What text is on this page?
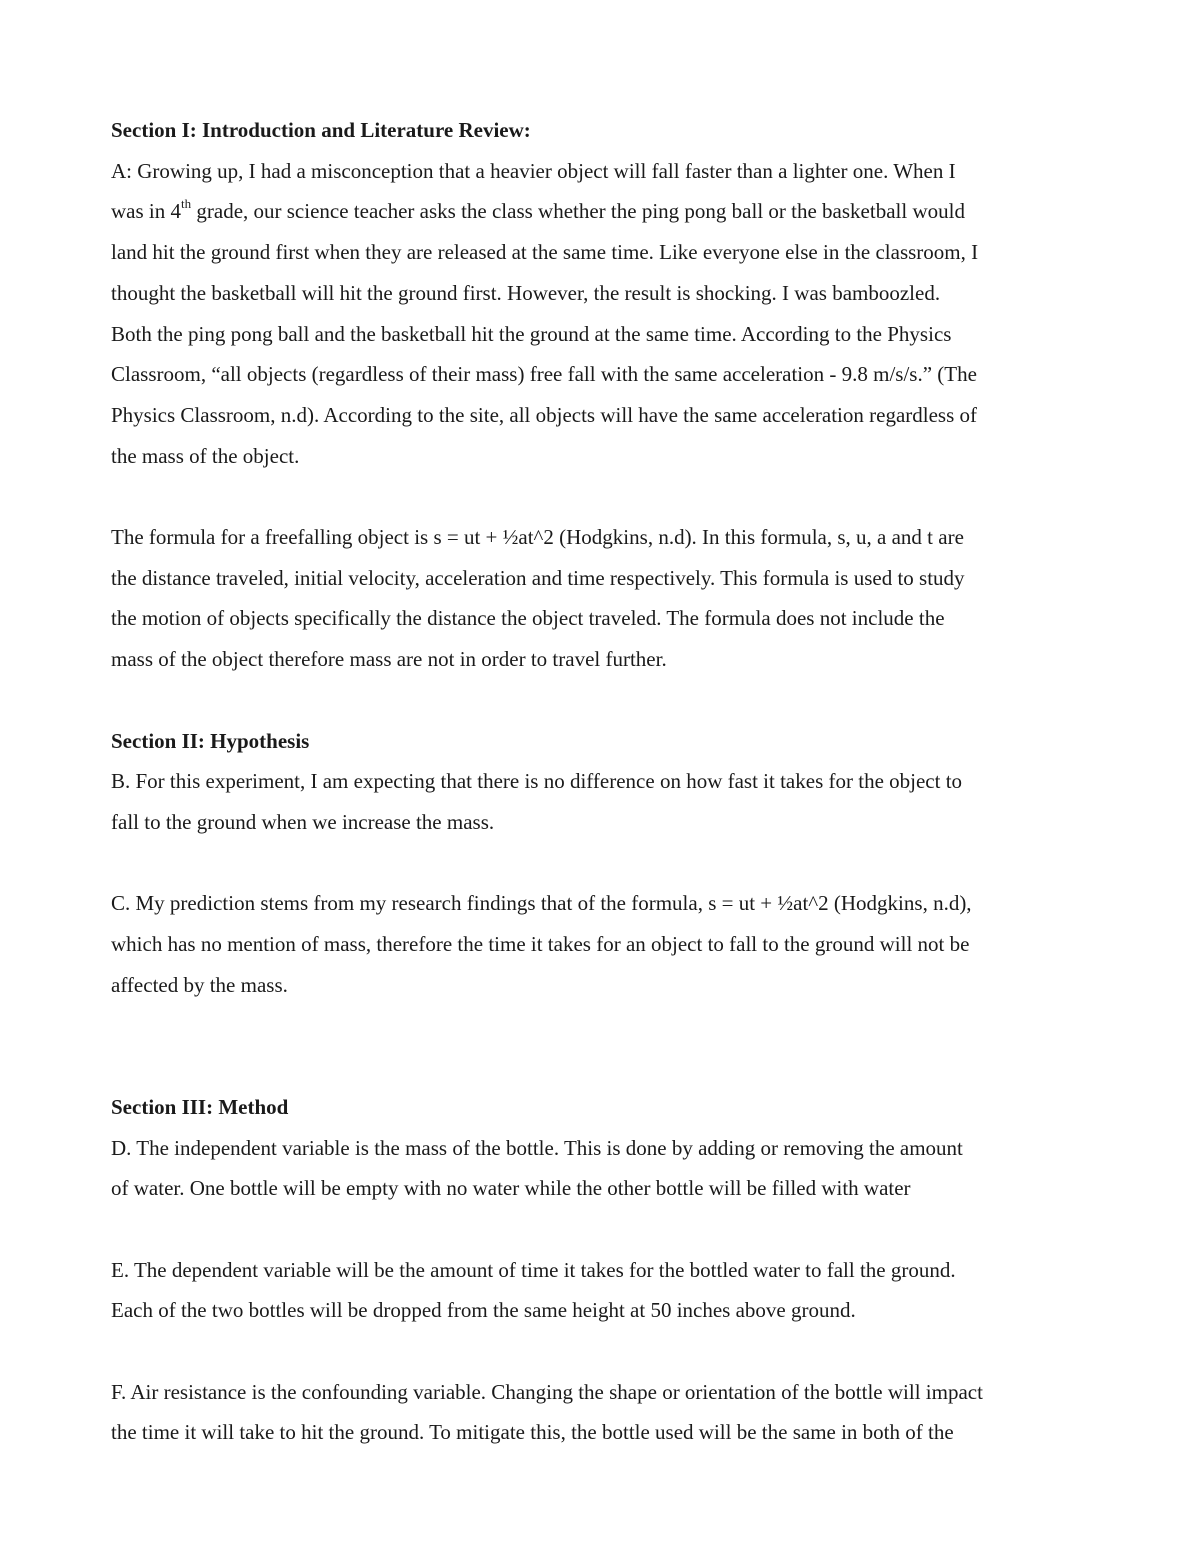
Section I: Introduction and Literature Review:

A: Growing up, I had a misconception that a heavier object will fall faster than a lighter one. When I
was in 4th grade, our science teacher asks the class whether the ping pong ball or the basketball would
land hit the ground first when they are released at the same time. Like everyone else in the classroom, I
thought the basketball will hit the ground first. However, the result is shocking. I was bamboozled.
Both the ping pong ball and the basketball hit the ground at the same time. According to the Physics
Classroom, “all objects (regardless of their mass) free fall with the same acceleration - 9.8 m/s/s.” (The
Physics Classroom, n.d). According to the site, all objects will have the same acceleration regardless of
the mass of the object.
The formula for a freefalling object is s = ut + ½at^2 (Hodgkins, n.d). In this formula, s, u, a and t are
the distance traveled, initial velocity, acceleration and time respectively. This formula is used to study
the motion of objects specifically the distance the object traveled. The formula does not include the
mass of the object therefore mass are not in order to travel further.

Section II: Hypothesis

B. For this experiment, I am expecting that there is no difference on how fast it takes for the object to
fall to the ground when we increase the mass.
C. My prediction stems from my research findings that of the formula, s = ut + ½at^2 (Hodgkins, n.d),
which has no mention of mass, therefore the time it takes for an object to fall to the ground will not be
affected by the mass.

Section III: Method

D. The independent variable is the mass of the bottle. This is done by adding or removing the amount
of water. One bottle will be empty with no water while the other bottle will be filled with water
E. The dependent variable will be the amount of time it takes for the bottled water to fall the ground.
Each of the two bottles will be dropped from the same height at 50 inches above ground.
F. Air resistance is the confounding variable. Changing the shape or orientation of the bottle will impact
the time it will take to hit the ground. To mitigate this, the bottle used will be the same in both of the
